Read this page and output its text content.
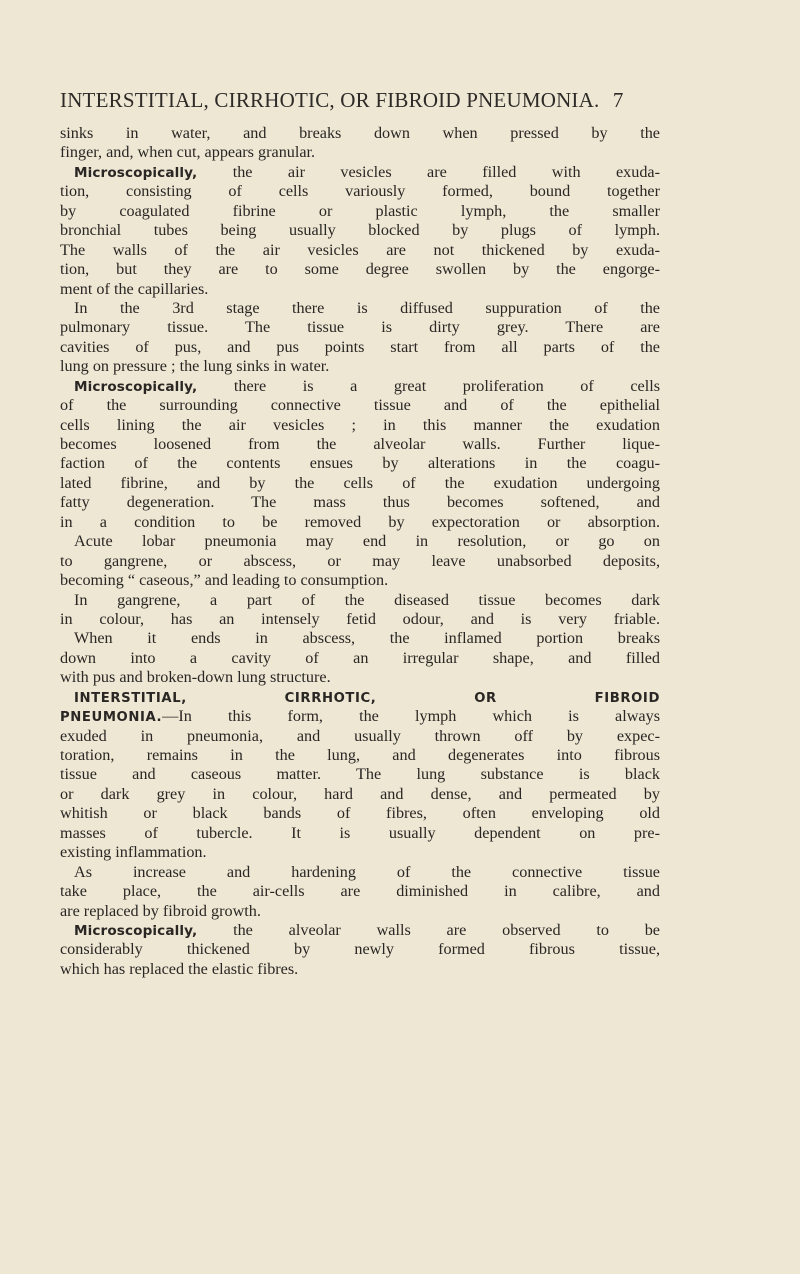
INTERSTITIAL, CIRRHOTIC, OR FIBROID PNEUMONIA. 7
sinks in water, and breaks down when pressed by the
finger, and, when cut, appears granular.
Microscopically, the air vesicles are filled with exuda-
tion, consisting of cells variously formed, bound together
by coagulated fibrine or plastic lymph, the smaller
bronchial tubes being usually blocked by plugs of lymph.
The walls of the air vesicles are not thickened by exuda-
tion, but they are to some degree swollen by the engorge-
ment of the capillaries.
In the 3rd stage there is diffused suppuration of the
pulmonary tissue. The tissue is dirty grey. There are
cavities of pus, and pus points start from all parts of the
lung on pressure ; the lung sinks in water.
Microscopically, there is a great proliferation of cells
of the surrounding connective tissue and of the epithelial
cells lining the air vesicles ; in this manner the exudation
becomes loosened from the alveolar walls. Further lique-
faction of the contents ensues by alterations in the coagu-
lated fibrine, and by the cells of the exudation undergoing
fatty degeneration. The mass thus becomes softened, and
in a condition to be removed by expectoration or absorption.
Acute lobar pneumonia may end in resolution, or go on
to gangrene, or abscess, or may leave unabsorbed deposits,
becoming “ caseous,” and leading to consumption.
In gangrene, a part of the diseased tissue becomes dark
in colour, has an intensely fetid odour, and is very friable.
When it ends in abscess, the inflamed portion breaks
down into a cavity of an irregular shape, and filled
with pus and broken-down lung structure.
INTERSTITIAL, CIRRHOTIC, OR FIBROID
PNEUMONIA.—In this form, the lymph which is always
exuded in pneumonia, and usually thrown off by expec-
toration, remains in the lung, and degenerates into fibrous
tissue and caseous matter. The lung substance is black
or dark grey in colour, hard and dense, and permeated by
whitish or black bands of fibres, often enveloping old
masses of tubercle. It is usually dependent on pre-
existing inflammation.
As increase and hardening of the connective tissue
take place, the air-cells are diminished in calibre, and
are replaced by fibroid growth.
Microscopically, the alveolar walls are observed to be
considerably thickened by newly formed fibrous tissue,
which has replaced the elastic fibres.
